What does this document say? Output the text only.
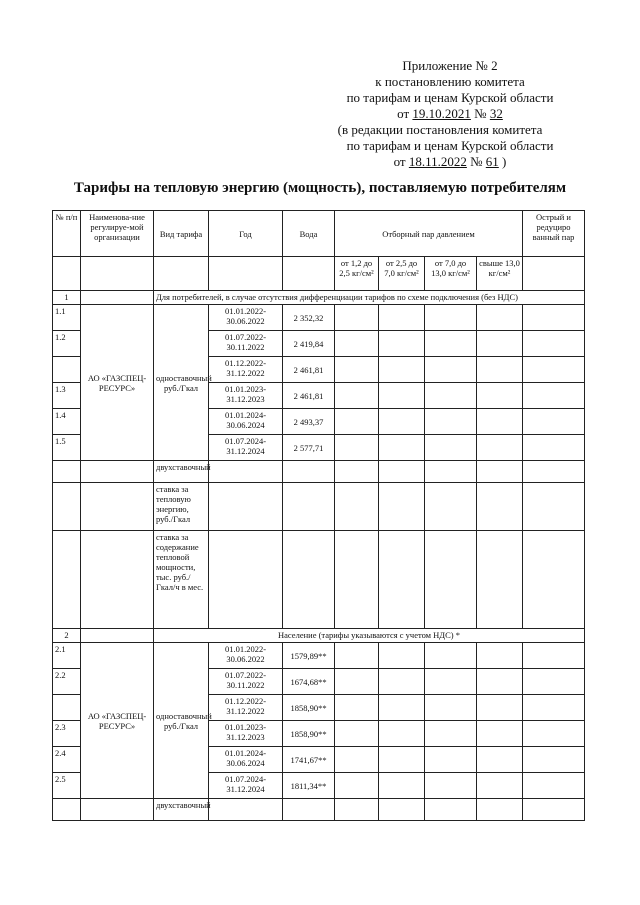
Приложение № 2
к постановлению комитета
по тарифам и ценам Курской области
от 19.10.2021 № 32
(в редакции постановления комитета
по тарифам и ценам Курской области
от 18.11.2022 № 61 )
Тарифы на тепловую энергию (мощность), поставляемую потребителям
№ п/п	Наименова-ние регулируе-мой организации	Вид тарифа	Год	Вода	Отборный пар давлением				Острый и редуциро ванный пар
					от 1,2 до 2,5 кг/см²	от 2,5 до 7,0 кг/см²	от 7,0 до 13,0 кг/см²	свыше 13,0 кг/см²	
1		Для потребителей, в случае отсутствия дифференциации тарифов по схеме подключения (без НДС)							
1.1	АО «ГАЗСПЕЦ-РЕСУРС»	одноставочный руб./Гкал	01.01.2022-30.06.2022	2 352,32					
1.2			01.07.2022-30.11.2022	2 419,84					
			01.12.2022-31.12.2022	2 461,81					
1.3			01.01.2023-31.12.2023	2 461,81					
1.4			01.01.2024-30.06.2024	2 493,37					
1.5			01.07.2024-31.12.2024	2 577,71					
		двухставочный							
		ставка за тепловую энергию, руб./Гкал							
		ставка за содержание тепловой мощности, тыс. руб./Гкал/ч в мес.							
2		Население (тарифы указываются с учетом НДС) *							
2.1	АО «ГАЗСПЕЦ-РЕСУРС»	одноставочный руб./Гкал	01.01.2022-30.06.2022	1579,89**					
2.2			01.07.2022-30.11.2022	1674,68**					
			01.12.2022-31.12.2022	1858,90**					
2.3			01.01.2023-31.12.2023	1858,90**					
2.4			01.01.2024-30.06.2024	1741,67**					
2.5			01.07.2024-31.12.2024	1811,34**					
		двухставочный							
